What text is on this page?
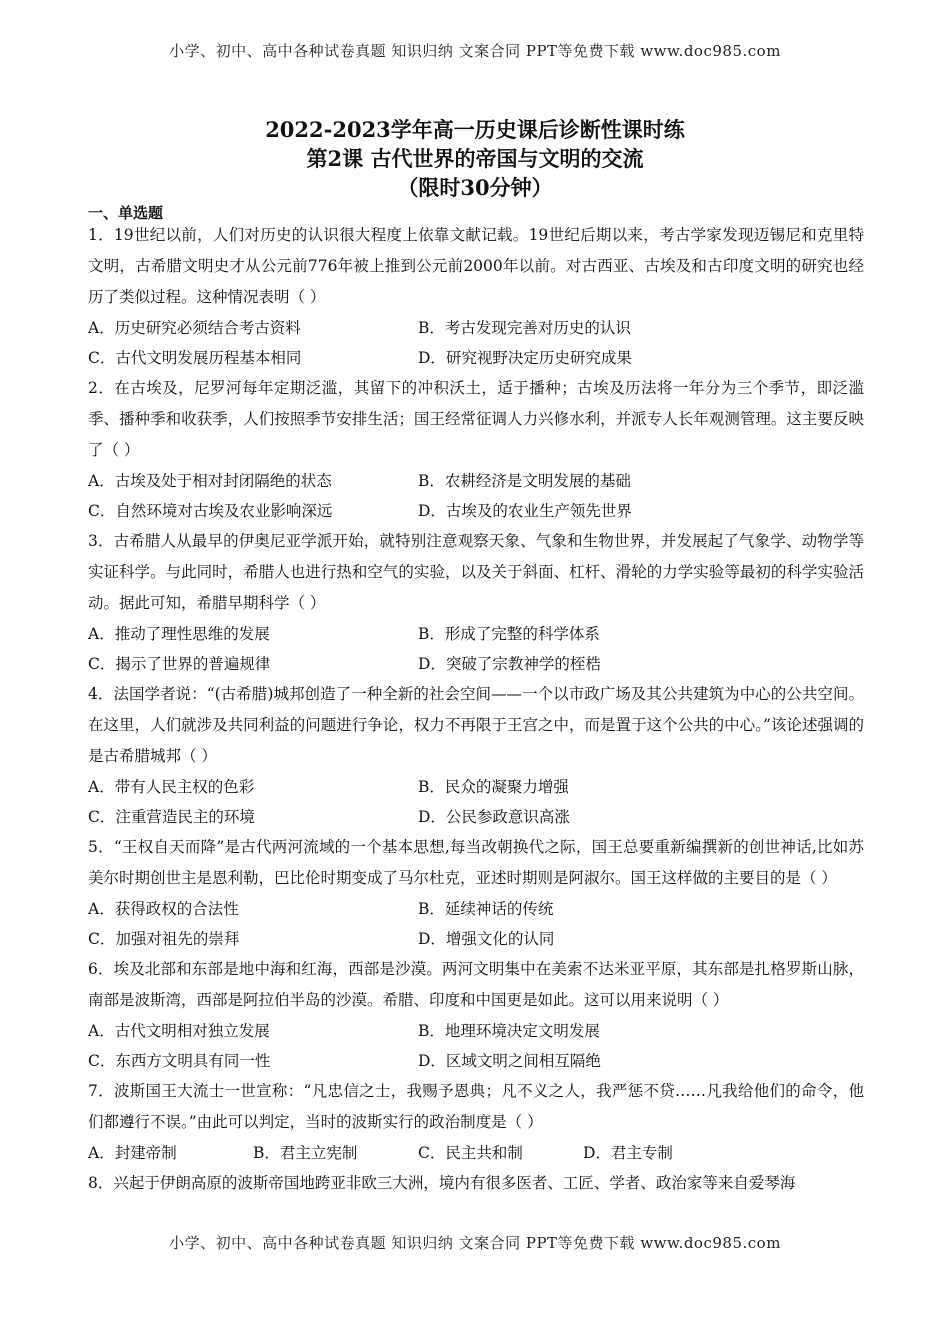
小学、初中、高中各种试卷真题 知识归纳 文案合同 PPT等免费下载 www.doc985.com
2022-2023学年高一历史课后诊断性课时练
第2课 古代世界的帝国与文明的交流
（限时30分钟）
一、单选题
1．19世纪以前，人们对历史的认识很大程度上依靠文献记载。19世纪后期以来，考古学家发现迈锡尼和克里特文明，古希腊文明史才从公元前776年被上推到公元前2000年以前。对古西亚、古埃及和古印度文明的研究也经历了类似过程。这种情况表明（ ）
A．历史研究必须结合考古资料	B．考古发现完善对历史的认识
C．古代文明发展历程基本相同	D．研究视野决定历史研究成果
2．在古埃及，尼罗河每年定期泛滥，其留下的冲积沃土，适于播种；古埃及历法将一年分为三个季节，即泛滥季、播种季和收获季，人们按照季节安排生活；国王经常征调人力兴修水利，并派专人长年观测管理。这主要反映了（ ）
A．古埃及处于相对封闭隔绝的状态	B．农耕经济是文明发展的基础
C．自然环境对古埃及农业影响深远	D．古埃及的农业生产领先世界
3．古希腊人从最早的伊奥尼亚学派开始，就特别注意观察天象、气象和生物世界，并发展起了气象学、动物学等实证科学。与此同时，希腊人也进行热和空气的实验，以及关于斜面、杠杆、滑轮的力学实验等最初的科学实验活动。据此可知，希腊早期科学（ ）
A．推动了理性思维的发展	B．形成了完整的科学体系
C．揭示了世界的普遍规律	D．突破了宗教神学的桎梏
4．法国学者说：“(古希腊)城邦创造了一种全新的社会空间——一个以市政广场及其公共建筑为中心的公共空间。在这里，人们就涉及共同利益的问题进行争论，权力不再限于王宫之中，而是置于这个公共的中心。”该论述强调的是古希腊城邦（ ）
A．带有人民主权的色彩	B．民众的凝聚力增强
C．注重营造民主的环境	D．公民参政意识高涨
5．“王权自天而降”是古代两河流域的一个基本思想,每当改朝换代之际，国王总要重新编撰新的创世神话,比如苏美尔时期创世主是恩利勒，巴比伦时期变成了马尔杜克，亚述时期则是阿淑尔。国王这样做的主要目的是（ ）
A．获得政权的合法性	B．延续神话的传统
C．加强对祖先的崇拜	D．增强文化的认同
6．埃及北部和东部是地中海和红海，西部是沙漠。两河文明集中在美索不达米亚平原，其东部是扎格罗斯山脉，南部是波斯湾，西部是阿拉伯半岛的沙漠。希腊、印度和中国更是如此。这可以用来说明（ ）
A．古代文明相对独立发展	B．地理环境决定文明发展
C．东西方文明具有同一性	D．区域文明之间相互隔绝
7．波斯国王大流士一世宣称：“凡忠信之士，我赐予恩典；凡不义之人，我严惩不贷……凡我给他们的命令，他们都遵行不误。”由此可以判定，当时的波斯实行的政治制度是（ ）
A．封建帝制	B．君主立宪制	C．民主共和制	D．君主专制
8．兴起于伊朗高原的波斯帝国地跨亚非欧三大洲，境内有很多医者、工匠、学者、政治家等来自爱琴海
小学、初中、高中各种试卷真题 知识归纳 文案合同 PPT等免费下载 www.doc985.com
